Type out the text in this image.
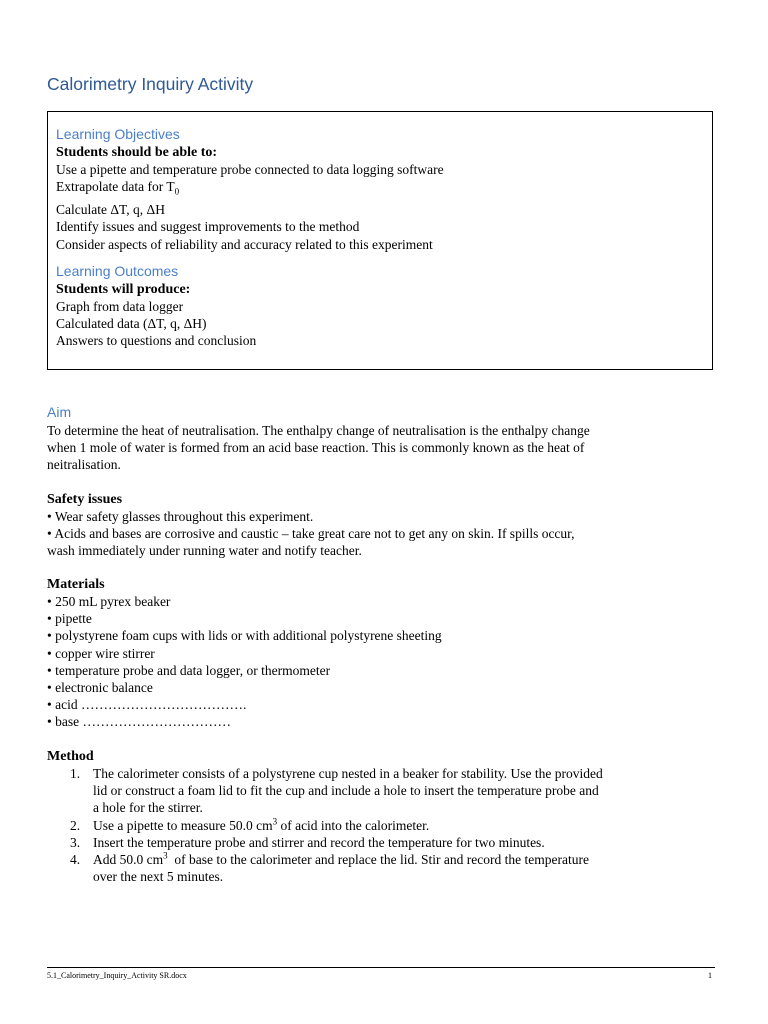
Calorimetry Inquiry Activity
Learning Objectives
Students should be able to:
Use a pipette and temperature probe connected to data logging software
Extrapolate data for $T_0$
Calculate ΔT, q, ΔH
Identify issues and suggest improvements to the method
Consider aspects of reliability and accuracy related to this experiment
Learning Outcomes
Students will produce:
Graph from data logger
Calculated data (ΔT, q, ΔH)
Answers to questions and conclusion
Aim
To determine the heat of neutralisation. The enthalpy change of neutralisation is the enthalpy change
when 1 mole of water is formed from an acid base reaction. This is commonly known as the heat of
neitralisation.
Safety issues
• Wear safety glasses throughout this experiment.
• Acids and bases are corrosive and caustic – take great care not to get any on skin. If spills occur,
wash immediately under running water and notify teacher.
Materials
• 250 mL pyrex beaker
• pipette
• polystyrene foam cups with lids or with additional polystyrene sheeting
• copper wire stirrer
• temperature probe and data logger, or thermometer
• electronic balance
• acid ……………………………….
• base ……………………………
Method
1. The calorimeter consists of a polystyrene cup nested in a beaker for stability. Use the provided
lid or construct a foam lid to fit the cup and include a hole to insert the temperature probe and
a hole for the stirrer.
2. Use a pipette to measure 50.0 $cm^3$ of acid into the calorimeter.
3. Insert the temperature probe and stirrer and record the temperature for two minutes.
4. Add 50.0 $cm^3$  of base to the calorimeter and replace the lid. Stir and record the temperature
over the next 5 minutes.
5.1_Calorimetry_Inquiry_Activity SR.docx	1
